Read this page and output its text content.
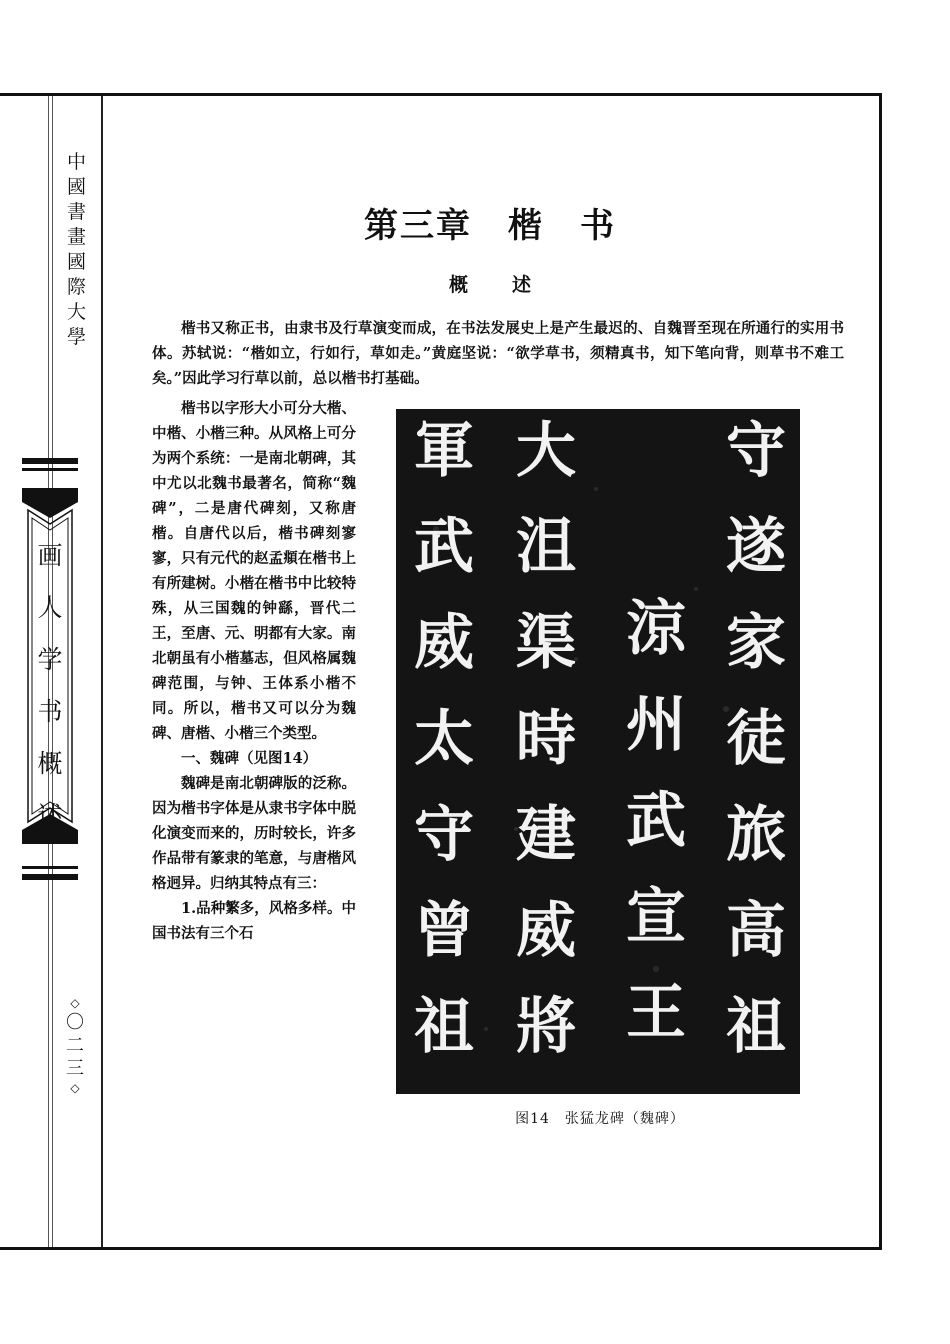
中
國
書
畫
國
際
大
學
画
人
学
书
概
述
◇
〇
二
三
◇
第三章　楷　书
概述

楷书又称正书，由隶书及行草演变而成，在书法发展史上是产生最迟的、自魏晋至现在所通行的实用书体。苏轼说：“楷如立，行如行，草如走。”黄庭坚说：“欲学草书，须精真书，知下笔向背，则草书不难工矣。”因此学习行草以前，总以楷书打基础。

楷书以字形大小可分大楷、中楷、小楷三种。从风格上可分为两个系统：一是南北朝碑，其中尤以北魏书最著名，简称“魏碑”，二是唐代碑刻，又称唐楷。自唐代以后，楷书碑刻寥寥，只有元代的赵孟頫在楷书上有所建树。小楷在楷书中比较特殊，从三国魏的钟繇，晋代二王，至唐、元、明都有大家。南北朝虽有小楷墓志，但风格属魏碑范围，与钟、王体系小楷不同。所以，楷书又可以分为魏碑、唐楷、小楷三个类型。

一、魏碑（见图14）

魏碑是南北朝碑版的泛称。因为楷书字体是从隶书字体中脱化演变而来的，历时较长，许多作品带有篆隶的笔意，与唐楷风格迥异。归纳其特点有三：

1.品种繁多，风格多样。中国书法有三个石

守
遂
家
徒
旅
高
祖
涼
州
武
宣
王
大
沮
渠
時
建
威
將
軍
武
威
太
守
曾
祖
图14　张猛龙碑（魏碑）
